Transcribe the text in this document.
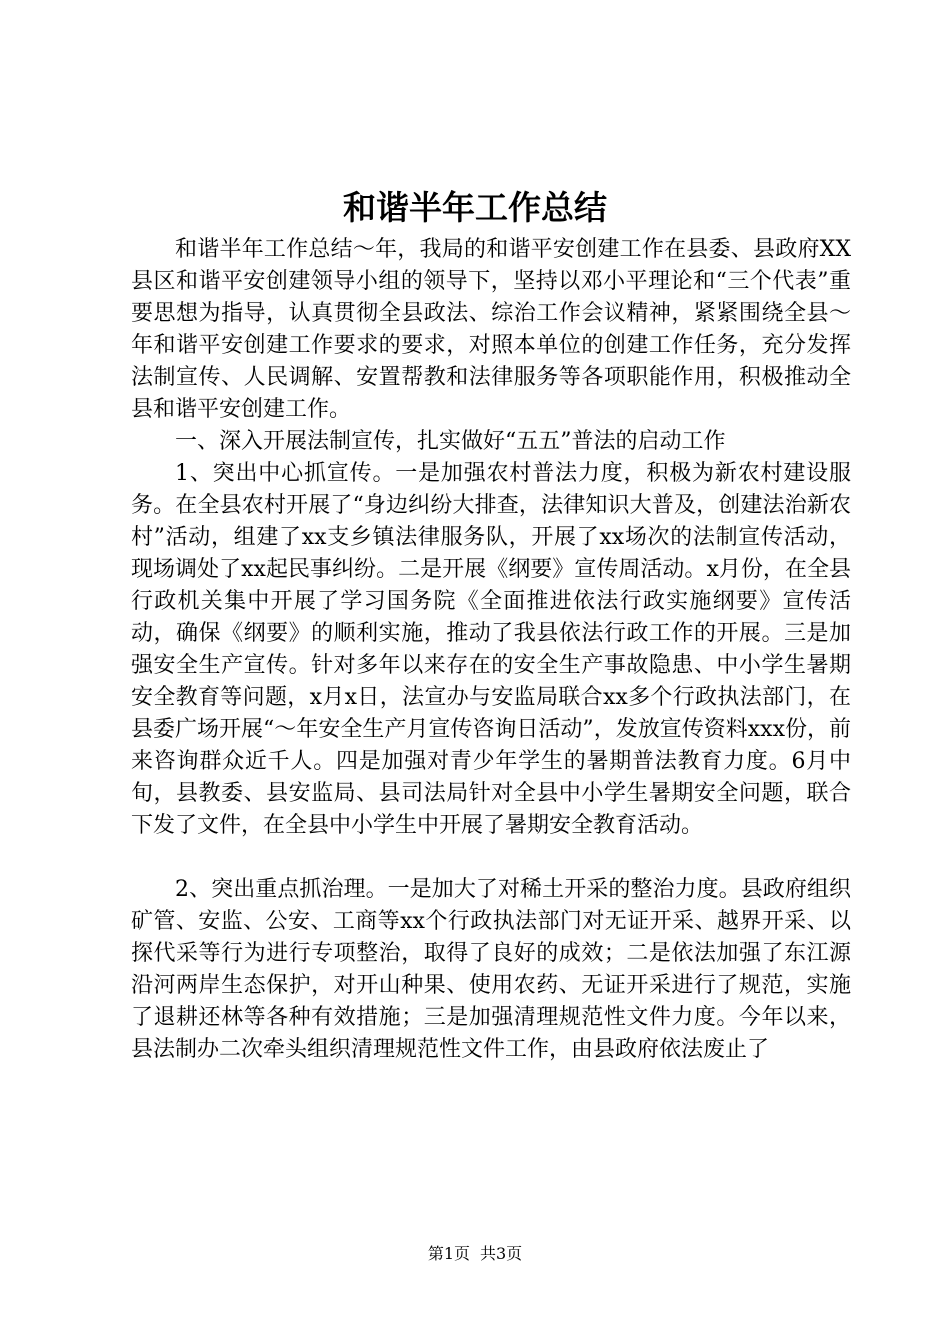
和谐半年工作总结

和谐半年工作总结～年，我局的和谐平安创建工作在县委、县政府XX县区和谐平安创建领导小组的领导下，坚持以邓小平理论和“三个代表”重要思想为指导，认真贯彻全县政法、综治工作会议精神，紧紧围绕全县～年和谐平安创建工作要求的要求，对照本单位的创建工作任务，充分发挥法制宣传、人民调解、安置帮教和法律服务等各项职能作用，积极推动全县和谐平安创建工作。

一、深入开展法制宣传，扎实做好“五五”普法的启动工作

1、突出中心抓宣传。一是加强农村普法力度，积极为新农村建设服务。在全县农村开展了“身边纠纷大排查，法律知识大普及，创建法治新农村”活动，组建了xx支乡镇法律服务队，开展了xx场次的法制宣传活动，现场调处了xx起民事纠纷。二是开展《纲要》宣传周活动。x月份，在全县行政机关集中开展了学习国务院《全面推进依法行政实施纲要》宣传活动，确保《纲要》的顺利实施，推动了我县依法行政工作的开展。三是加强安全生产宣传。针对多年以来存在的安全生产事故隐患、中小学生暑期安全教育等问题，x月x日，法宣办与安监局联合xx多个行政执法部门，在县委广场开展“～年安全生产月宣传咨询日活动”，发放宣传资料xxx份，前来咨询群众近千人。四是加强对青少年学生的暑期普法教育力度。6月中旬，县教委、县安监局、县司法局针对全县中小学生暑期安全问题，联合下发了文件，在全县中小学生中开展了暑期安全教育活动。

2、突出重点抓治理。一是加大了对稀土开采的整治力度。县政府组织矿管、安监、公安、工商等xx个行政执法部门对无证开采、越界开采、以探代采等行为进行专项整治，取得了良好的成效；二是依法加强了东江源沿河两岸生态保护，对开山种果、使用农药、无证开采进行了规范，实施了退耕还林等各种有效措施；三是加强清理规范性文件力度。今年以来，县法制办二次牵头组织清理规范性文件工作，由县政府依法废止了

第1页 共3页
